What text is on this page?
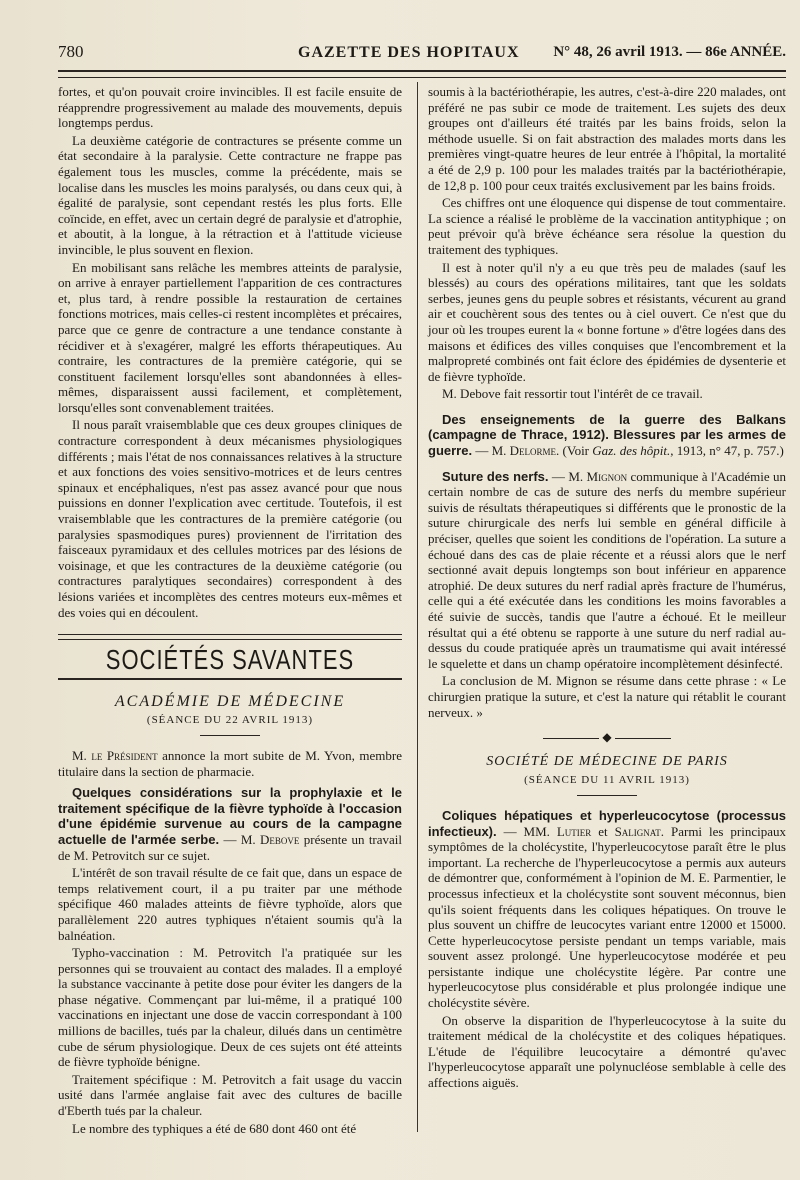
780	GAZETTE DES HOPITAUX N° 48, 26 avril 1913. — 86e ANNÉE.

fortes, et qu'on pouvait croire invincibles. Il est facile ensuite de réapprendre progressivement au malade des mouvements, depuis longtemps perdus.

La deuxième catégorie de contractures se présente comme un état secondaire à la paralysie. Cette contracture ne frappe pas également tous les muscles, comme la précédente, mais se localise dans les muscles les moins paralysés, ou dans ceux qui, à égalité de paralysie, sont cependant restés les plus forts. Elle coïncide, en effet, avec un certain degré de paralysie et d'atrophie, et aboutit, à la longue, à la rétraction et à l'attitude vicieuse invincible, le plus souvent en flexion.

En mobilisant sans relâche les membres atteints de paralysie, on arrive à enrayer partiellement l'apparition de ces contractures et, plus tard, à rendre possible la restauration de certaines fonctions motrices, mais celles-ci restent incomplètes et précaires, parce que ce genre de contracture a une tendance constante à récidiver et à s'exagérer, malgré les efforts thérapeutiques. Au contraire, les contractures de la première catégorie, qui se constituent facilement lorsqu'elles sont abandonnées à elles-mêmes, disparaissent aussi facilement, et complètement, lorsqu'elles sont convenablement traitées.

Il nous paraît vraisemblable que ces deux groupes cliniques de contracture correspondent à deux mécanismes physiologiques différents ; mais l'état de nos connaissances relatives à la structure et aux fonctions des voies sensitivo-motrices et de leurs centres spinaux et encéphaliques, n'est pas assez avancé pour que nous puissions en donner l'explication avec certitude. Toutefois, il est vraisemblable que les contractures de la première catégorie (ou paralysies spasmodiques pures) proviennent de l'irritation des faisceaux pyramidaux et des cellules motrices par des lésions de voisinage, et que les contractures de la deuxième catégorie (ou contractures paralytiques secondaires) correspondent à des lésions variées et incomplètes des centres moteurs eux-mêmes et des voies qui en découlent.

SOCIÉTÉS SAVANTES
ACADÉMIE DE MÉDECINE
(SÉANCE DU 22 AVRIL 1913)

M. le Président annonce la mort subite de M. Yvon, membre titulaire dans la section de pharmacie.

Quelques considérations sur la prophylaxie et le traitement spécifique de la fièvre typhoïde à l'occasion d'une épidémie survenue au cours de la campagne actuelle de l'armée serbe. — M. Debove présente un travail de M. Petrovitch sur ce sujet.

L'intérêt de son travail résulte de ce fait que, dans un espace de temps relativement court, il a pu traiter par une méthode spécifique 460 malades atteints de fièvre typhoïde, alors que parallèlement 220 autres typhiques n'étaient soumis qu'à la balnéation.

Typho-vaccination : M. Petrovitch l'a pratiquée sur les personnes qui se trouvaient au contact des malades. Il a employé la substance vaccinante à petite dose pour éviter les dangers de la phase négative. Commençant par lui-même, il a pratiqué 100 vaccinations en injectant une dose de vaccin correspondant à 100 millions de bacilles, tués par la chaleur, dilués dans un centimètre cube de sérum physiologique. Deux de ces sujets ont été atteints de fièvre typhoïde bénigne.

Traitement spécifique : M. Petrovitch a fait usage du vaccin usité dans l'armée anglaise fait avec des cultures de bacille d'Eberth tués par la chaleur.

Le nombre des typhiques a été de 680 dont 460 ont été

soumis à la bactériothérapie, les autres, c'est-à-dire 220 malades, ont préféré ne pas subir ce mode de traitement. Les sujets des deux groupes ont d'ailleurs été traités par les bains froids, selon la méthode usuelle. Si on fait abstraction des malades morts dans les premières vingt-quatre heures de leur entrée à l'hôpital, la mortalité a été de 2,9 p. 100 pour les malades traités par la bactériothérapie, de 12,8 p. 100 pour ceux traités exclusivement par les bains froids.

Ces chiffres ont une éloquence qui dispense de tout commentaire. La science a réalisé le problème de la vaccination antityphique ; on peut prévoir qu'à brève échéance sera résolue la question du traitement des typhiques.

Il est à noter qu'il n'y a eu que très peu de malades (sauf les blessés) au cours des opérations militaires, tant que les soldats serbes, jeunes gens du peuple sobres et résistants, vécurent au grand air et couchèrent sous des tentes ou à ciel ouvert. Ce n'est que du jour où les troupes eurent la « bonne fortune » d'être logées dans des maisons et édifices des villes conquises que l'encombrement et la malpropreté combinés ont fait éclore des épidémies de dysenterie et de fièvre typhoïde.

M. Debove fait ressortir tout l'intérêt de ce travail.

Des enseignements de la guerre des Balkans (campagne de Thrace, 1912). Blessures par les armes de guerre. — M. Delorme. (Voir Gaz. des hôpit., 1913, n° 47, p. 757.)

Suture des nerfs. — M. Mignon communique à l'Académie un certain nombre de cas de suture des nerfs du membre supérieur suivis de résultats thérapeutiques si différents que le pronostic de la suture chirurgicale des nerfs lui semble en général difficile à préciser, quelles que soient les conditions de l'opération. La suture a échoué dans des cas de plaie récente et a réussi alors que le nerf sectionné avait depuis longtemps son bout inférieur en apparence atrophié. De deux sutures du nerf radial après fracture de l'humérus, celle qui a été exécutée dans les conditions les moins favorables a été suivie de succès, tandis que l'autre a échoué. Et le meilleur résultat qui a été obtenu se rapporte à une suture du nerf radial au-dessus du coude pratiquée après un traumatisme qui avait intéressé le squelette et dans un champ opératoire incomplètement désinfecté.

La conclusion de M. Mignon se résume dans cette phrase : « Le chirurgien pratique la suture, et c'est la nature qui rétablit le courant nerveux. »

◆
SOCIÉTÉ DE MÉDECINE DE PARIS
(SÉANCE DU 11 AVRIL 1913)

Coliques hépatiques et hyperleucocytose (processus infectieux). — MM. Lutier et Salignat. Parmi les principaux symptômes de la cholécystite, l'hyperleucocytose paraît être le plus important. La recherche de l'hyperleucocytose a permis aux auteurs de démontrer que, conformément à l'opinion de M. E. Parmentier, le processus infectieux et la cholécystite sont souvent méconnus, bien qu'ils soient fréquents dans les coliques hépatiques. On trouve le plus souvent un chiffre de leucocytes variant entre 12000 et 15000. Cette hyperleucocytose persiste pendant un temps variable, mais souvent assez prolongé. Une hyperleucocytose modérée et peu persistante indique une cholécystite légère. Par contre une hyperleucocytose plus considérable et plus prolongée indique une cholécystite sévère.

On observe la disparition de l'hyperleucocytose à la suite du traitement médical de la cholécystite et des coliques hépatiques. L'étude de l'équilibre leucocytaire a démontré qu'avec l'hyperleucocytose apparaît une polynucléose semblable à celle des affections aiguës.
